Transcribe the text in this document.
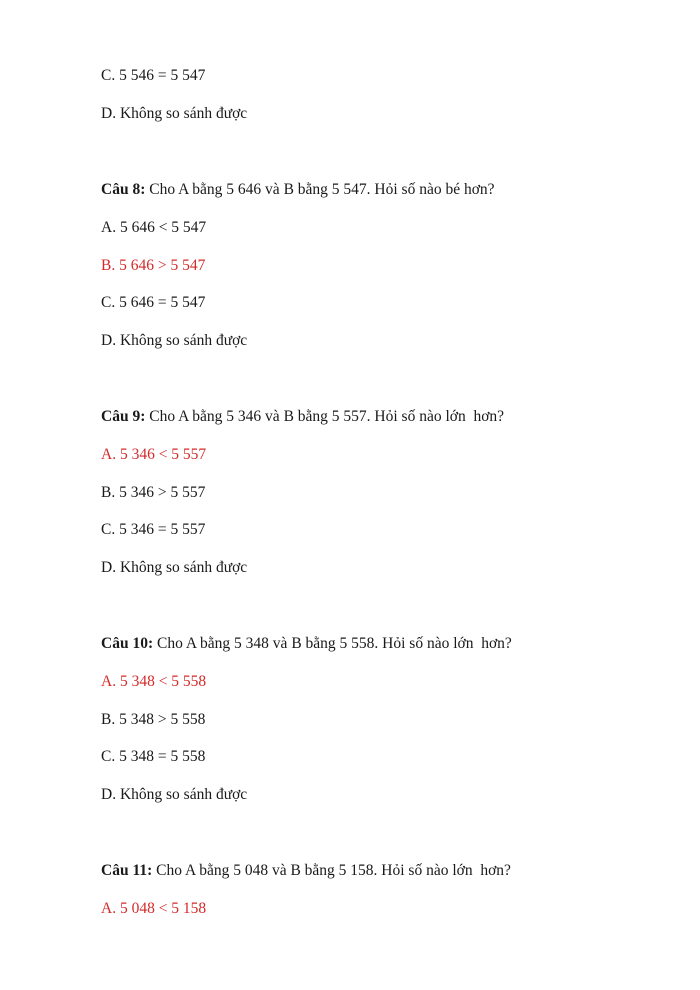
C. 5 546 = 5 547
D. Không so sánh được
Câu 8: Cho A bằng 5 646 và B bằng 5 547. Hỏi số nào bé hơn?
A. 5 646 < 5 547
B. 5 646 > 5 547
C. 5 646 = 5 547
D. Không so sánh được
Câu 9: Cho A bằng 5 346 và B bằng 5 557. Hỏi số nào lớn  hơn?
A. 5 346 < 5 557
B. 5 346 > 5 557
C. 5 346 = 5 557
D. Không so sánh được
Câu 10: Cho A bằng 5 348 và B bằng 5 558. Hỏi số nào lớn  hơn?
A. 5 348 < 5 558
B. 5 348 > 5 558
C. 5 348 = 5 558
D. Không so sánh được
Câu 11: Cho A bằng 5 048 và B bằng 5 158. Hỏi số nào lớn  hơn?
A. 5 048 < 5 158
